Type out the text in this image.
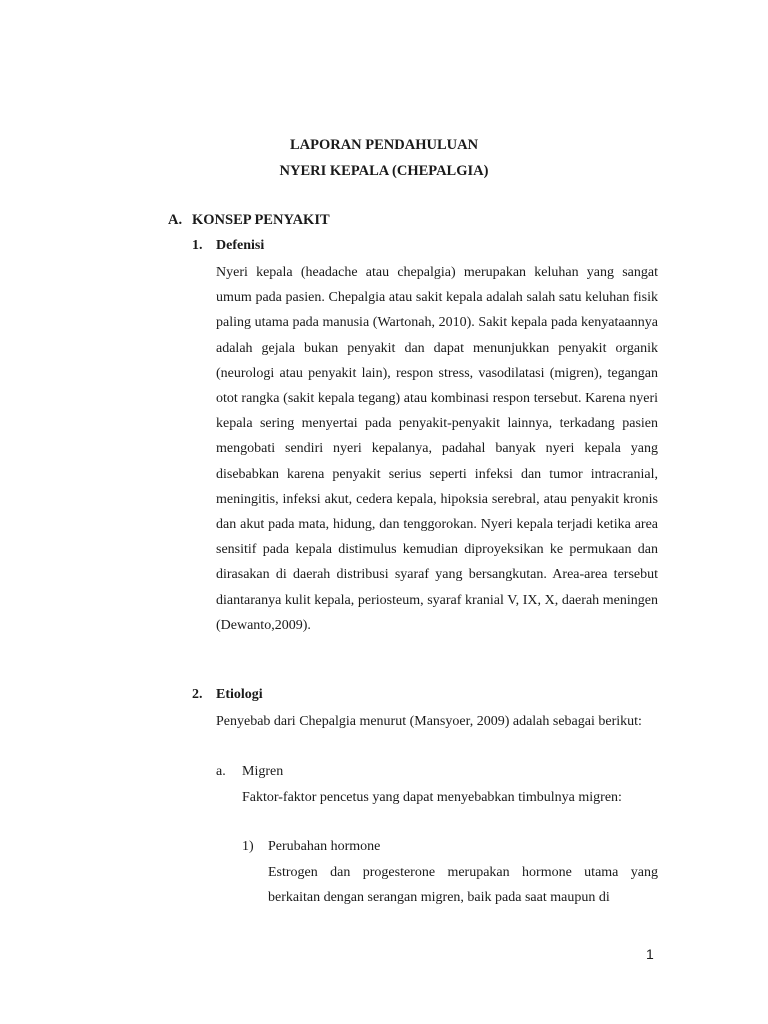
LAPORAN PENDAHULUAN
NYERI KEPALA (CHEPALGIA)
A. KONSEP PENYAKIT
1. Defenisi
Nyeri kepala (headache atau chepalgia) merupakan keluhan yang sangat umum pada pasien. Chepalgia atau sakit kepala adalah salah satu keluhan fisik paling utama pada manusia (Wartonah, 2010). Sakit kepala pada kenyataannya adalah gejala bukan penyakit dan dapat menunjukkan penyakit organik (neurologi atau penyakit lain), respon stress, vasodilatasi (migren), tegangan otot rangka (sakit kepala tegang) atau kombinasi respon tersebut. Karena nyeri kepala sering menyertai pada penyakit-penyakit lainnya, terkadang pasien mengobati sendiri nyeri kepalanya, padahal banyak nyeri kepala yang disebabkan karena penyakit serius seperti infeksi dan tumor intracranial, meningitis, infeksi akut, cedera kepala, hipoksia serebral, atau penyakit kronis dan akut pada mata, hidung, dan tenggorokan. Nyeri kepala terjadi ketika area sensitif pada kepala distimulus kemudian diproyeksikan ke permukaan dan dirasakan di daerah distribusi syaraf yang bersangkutan. Area-area tersebut diantaranya kulit kepala, periosteum, syaraf kranial V, IX, X, daerah meningen (Dewanto,2009).
2. Etiologi
Penyebab dari Chepalgia menurut (Mansyoer, 2009) adalah sebagai berikut:
a. Migren
Faktor-faktor pencetus yang dapat menyebabkan timbulnya migren:
1) Perubahan hormone
Estrogen dan progesterone merupakan hormone utama yang berkaitan dengan serangan migren, baik pada saat maupun di
1
